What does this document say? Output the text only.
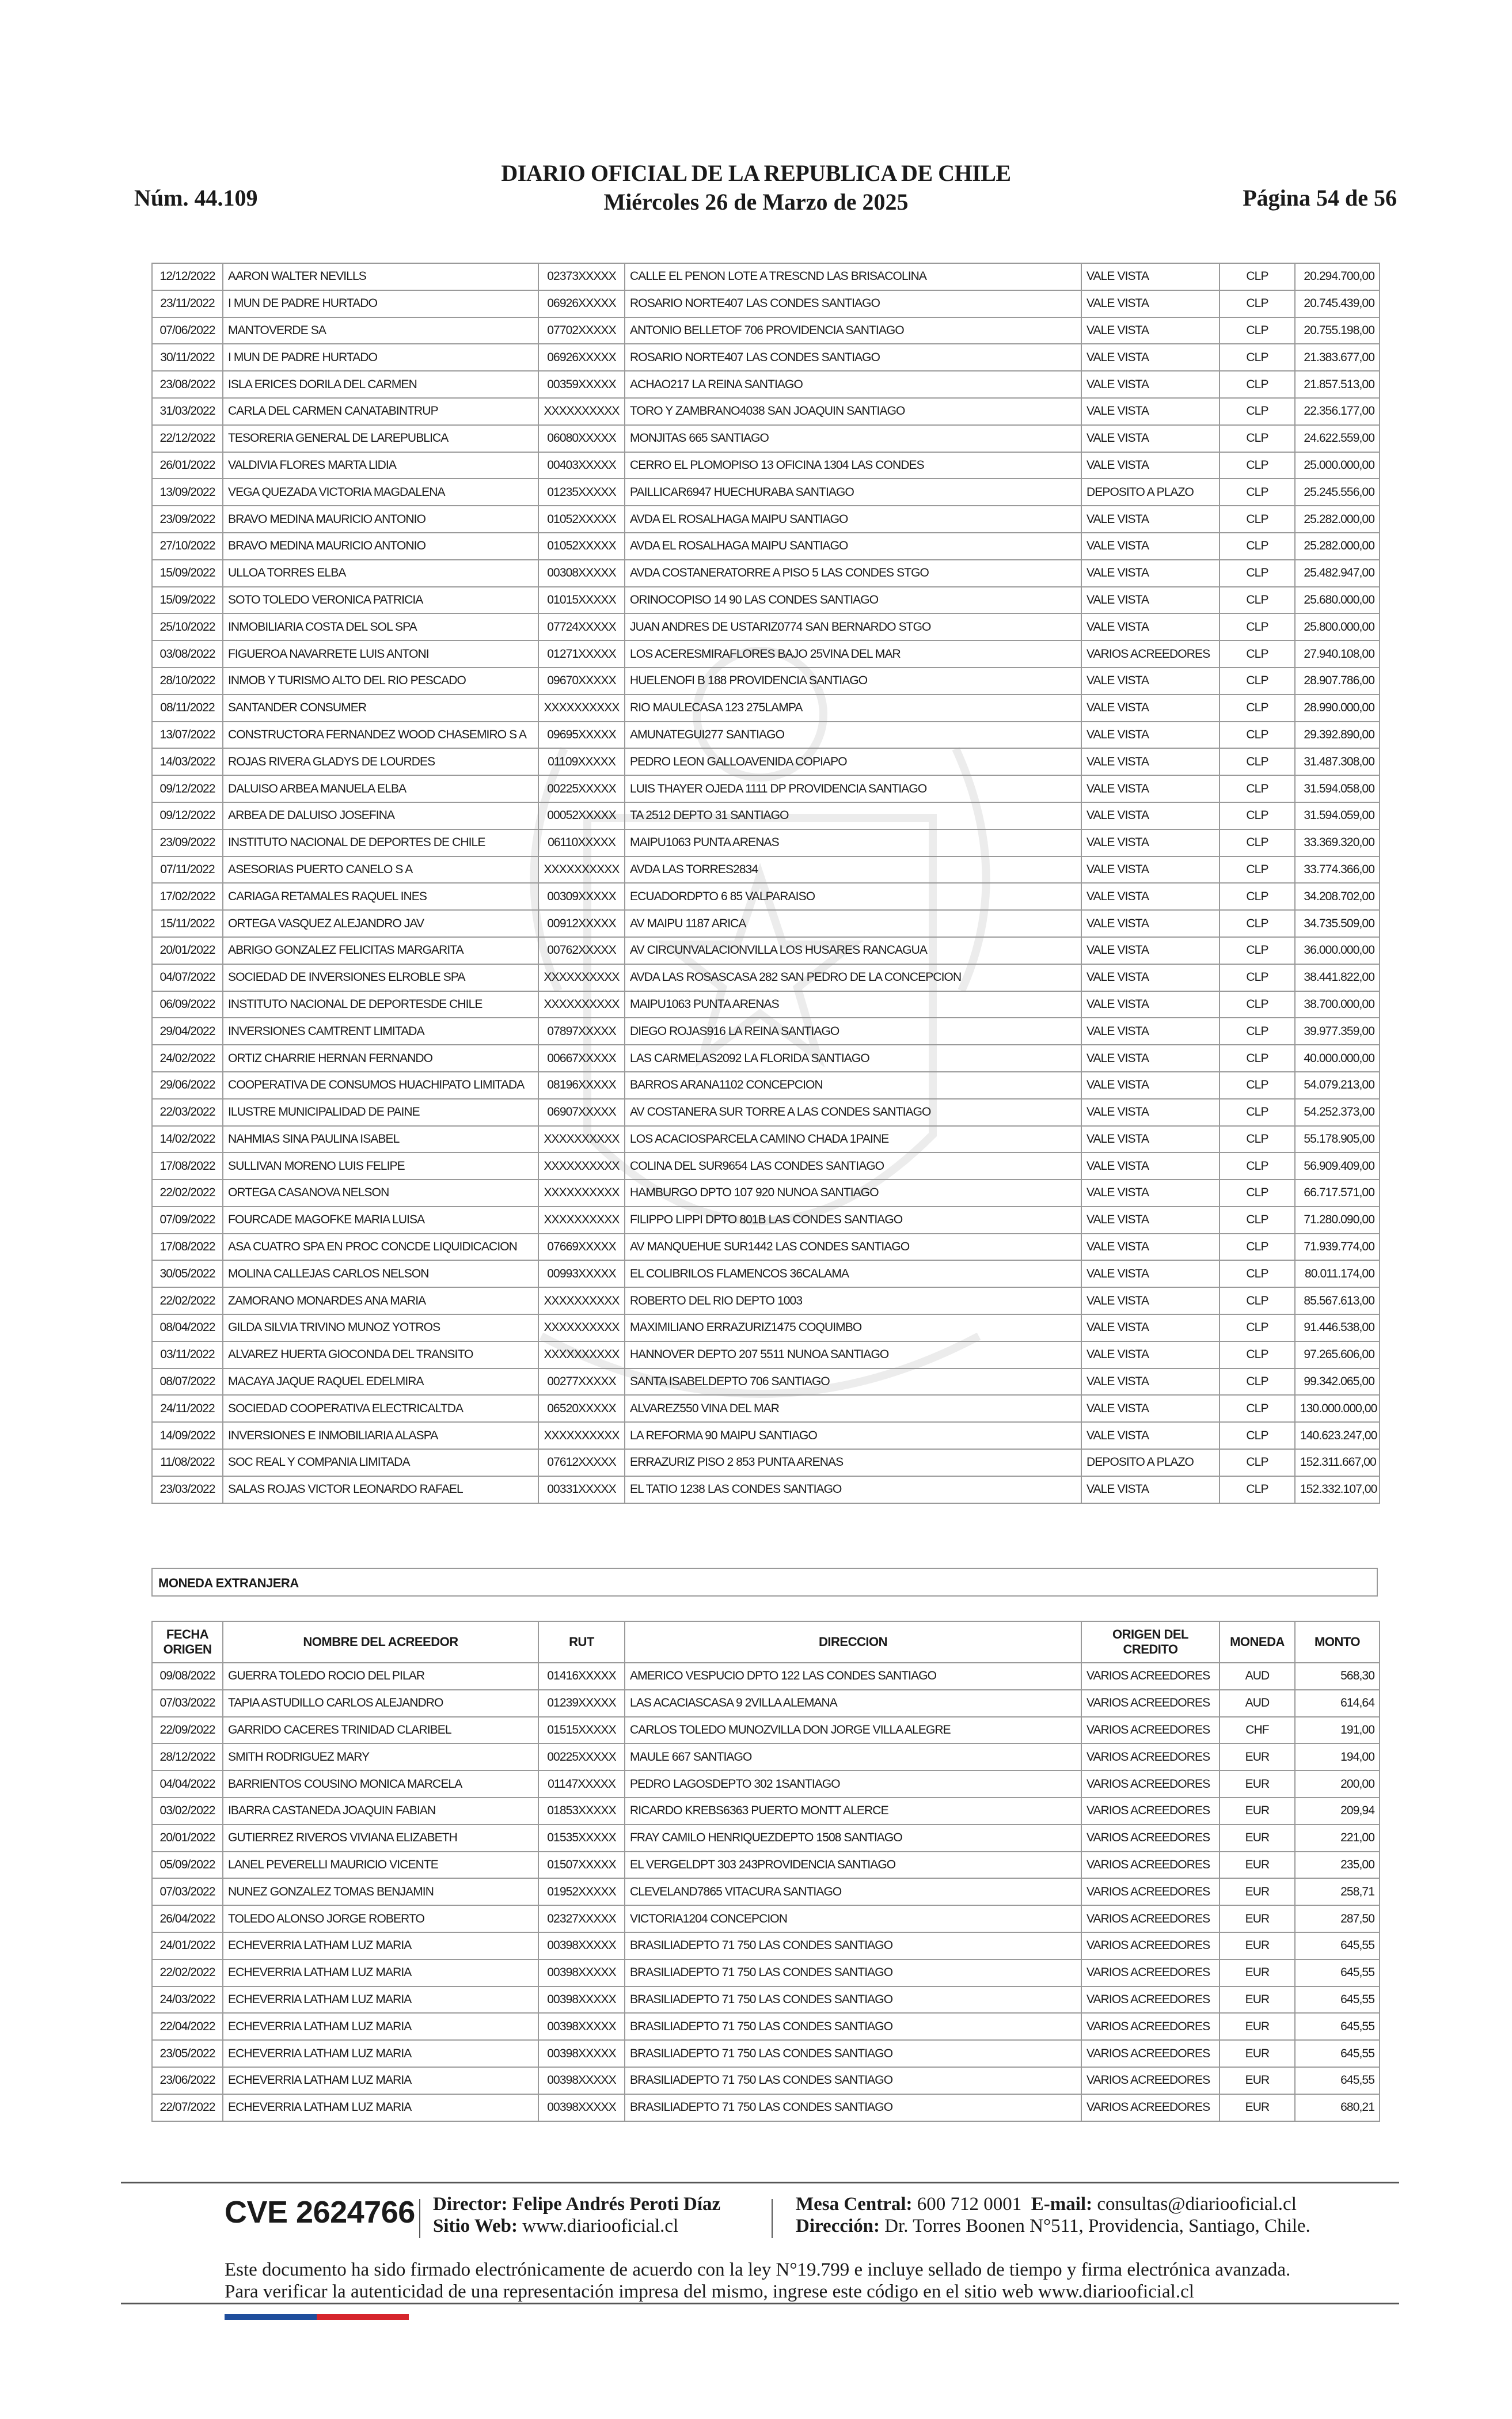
Núm. 44.109
DIARIO OFICIAL DE LA REPUBLICA DE CHILE
Miércoles 26 de Marzo de 2025	Página 54 de 56
12/12/2022	AARON WALTER NEVILLS	02373XXXXX	CALLE EL PENON LOTE A TRESCND LAS BRISACOLINA	VALE VISTA	CLP	20.294.700,00
23/11/2022	I MUN DE PADRE HURTADO	06926XXXXX	ROSARIO NORTE407 LAS CONDES SANTIAGO	VALE VISTA	CLP	20.745.439,00
07/06/2022	MANTOVERDE SA	07702XXXXX	ANTONIO BELLETOF 706 PROVIDENCIA SANTIAGO	VALE VISTA	CLP	20.755.198,00
30/11/2022	I MUN DE PADRE HURTADO	06926XXXXX	ROSARIO NORTE407 LAS CONDES SANTIAGO	VALE VISTA	CLP	21.383.677,00
23/08/2022	ISLA ERICES DORILA DEL CARMEN	00359XXXXX	ACHAO217 LA REINA SANTIAGO	VALE VISTA	CLP	21.857.513,00
31/03/2022	CARLA DEL CARMEN CANATABINTRUP	XXXXXXXXXX	TORO Y ZAMBRANO4038 SAN JOAQUIN SANTIAGO	VALE VISTA	CLP	22.356.177,00
22/12/2022	TESORERIA GENERAL DE LAREPUBLICA	06080XXXXX	MONJITAS 665 SANTIAGO	VALE VISTA	CLP	24.622.559,00
26/01/2022	VALDIVIA FLORES MARTA LIDIA	00403XXXXX	CERRO EL PLOMOPISO 13 OFICINA 1304 LAS CONDES	VALE VISTA	CLP	25.000.000,00
13/09/2022	VEGA QUEZADA VICTORIA MAGDALENA	01235XXXXX	PAILLICAR6947 HUECHURABA SANTIAGO	DEPOSITO A PLAZO	CLP	25.245.556,00
23/09/2022	BRAVO MEDINA MAURICIO ANTONIO	01052XXXXX	AVDA EL ROSALHAGA MAIPU SANTIAGO	VALE VISTA	CLP	25.282.000,00
27/10/2022	BRAVO MEDINA MAURICIO ANTONIO	01052XXXXX	AVDA EL ROSALHAGA MAIPU SANTIAGO	VALE VISTA	CLP	25.282.000,00
15/09/2022	ULLOA TORRES ELBA	00308XXXXX	AVDA COSTANERATORRE A PISO 5 LAS CONDES STGO	VALE VISTA	CLP	25.482.947,00
15/09/2022	SOTO TOLEDO VERONICA PATRICIA	01015XXXXX	ORINOCOPISO 14 90 LAS CONDES SANTIAGO	VALE VISTA	CLP	25.680.000,00
25/10/2022	INMOBILIARIA COSTA DEL SOL SPA	07724XXXXX	JUAN ANDRES DE USTARIZ0774 SAN BERNARDO STGO	VALE VISTA	CLP	25.800.000,00
03/08/2022	FIGUEROA NAVARRETE LUIS ANTONI	01271XXXXX	LOS ACERESMIRAFLORES BAJO 25VINA DEL MAR	VARIOS ACREEDORES	CLP	27.940.108,00
28/10/2022	INMOB Y TURISMO ALTO DEL RIO PESCADO	09670XXXXX	HUELENOFI B 188 PROVIDENCIA SANTIAGO	VALE VISTA	CLP	28.907.786,00
08/11/2022	SANTANDER CONSUMER	XXXXXXXXXX	RIO MAULECASA 123 275LAMPA	VALE VISTA	CLP	28.990.000,00
13/07/2022	CONSTRUCTORA FERNANDEZ WOOD CHASEMIRO S A	09695XXXXX	AMUNATEGUI277 SANTIAGO	VALE VISTA	CLP	29.392.890,00
14/03/2022	ROJAS RIVERA GLADYS DE LOURDES	01109XXXXX	PEDRO LEON GALLOAVENIDA COPIAPO	VALE VISTA	CLP	31.487.308,00
09/12/2022	DALUISO ARBEA MANUELA ELBA	00225XXXXX	LUIS THAYER OJEDA 1111 DP PROVIDENCIA SANTIAGO	VALE VISTA	CLP	31.594.058,00
09/12/2022	ARBEA DE DALUISO JOSEFINA	00052XXXXX	TA 2512 DEPTO 31 SANTIAGO	VALE VISTA	CLP	31.594.059,00
23/09/2022	INSTITUTO NACIONAL DE DEPORTES DE CHILE	06110XXXXX	MAIPU1063 PUNTA ARENAS	VALE VISTA	CLP	33.369.320,00
07/11/2022	ASESORIAS PUERTO CANELO S A	XXXXXXXXXX	AVDA LAS TORRES2834	VALE VISTA	CLP	33.774.366,00
17/02/2022	CARIAGA RETAMALES RAQUEL INES	00309XXXXX	ECUADORDPTO 6 85 VALPARAISO	VALE VISTA	CLP	34.208.702,00
15/11/2022	ORTEGA VASQUEZ ALEJANDRO JAV	00912XXXXX	AV MAIPU 1187 ARICA	VALE VISTA	CLP	34.735.509,00
20/01/2022	ABRIGO GONZALEZ FELICITAS MARGARITA	00762XXXXX	AV CIRCUNVALACIONVILLA LOS HUSARES RANCAGUA	VALE VISTA	CLP	36.000.000,00
04/07/2022	SOCIEDAD DE INVERSIONES ELROBLE SPA	XXXXXXXXXX	AVDA LAS ROSASCASA 282 SAN PEDRO DE LA CONCEPCION	VALE VISTA	CLP	38.441.822,00
06/09/2022	INSTITUTO NACIONAL DE DEPORTESDE CHILE	XXXXXXXXXX	MAIPU1063 PUNTA ARENAS	VALE VISTA	CLP	38.700.000,00
29/04/2022	INVERSIONES CAMTRENT LIMITADA	07897XXXXX	DIEGO ROJAS916 LA REINA SANTIAGO	VALE VISTA	CLP	39.977.359,00
24/02/2022	ORTIZ CHARRIE HERNAN FERNANDO	00667XXXXX	LAS CARMELAS2092 LA FLORIDA SANTIAGO	VALE VISTA	CLP	40.000.000,00
29/06/2022	COOPERATIVA DE CONSUMOS HUACHIPATO LIMITADA	08196XXXXX	BARROS ARANA1102 CONCEPCION	VALE VISTA	CLP	54.079.213,00
22/03/2022	ILUSTRE MUNICIPALIDAD DE PAINE	06907XXXXX	AV COSTANERA SUR TORRE A LAS CONDES SANTIAGO	VALE VISTA	CLP	54.252.373,00
14/02/2022	NAHMIAS SINA PAULINA ISABEL	XXXXXXXXXX	LOS ACACIOSPARCELA CAMINO CHADA 1PAINE	VALE VISTA	CLP	55.178.905,00
17/08/2022	SULLIVAN MORENO LUIS FELIPE	XXXXXXXXXX	COLINA DEL SUR9654 LAS CONDES SANTIAGO	VALE VISTA	CLP	56.909.409,00
22/02/2022	ORTEGA CASANOVA NELSON	XXXXXXXXXX	HAMBURGO DPTO 107 920 NUNOA SANTIAGO	VALE VISTA	CLP	66.717.571,00
07/09/2022	FOURCADE MAGOFKE MARIA LUISA	XXXXXXXXXX	FILIPPO LIPPI DPTO 801B LAS CONDES SANTIAGO	VALE VISTA	CLP	71.280.090,00
17/08/2022	ASA CUATRO SPA EN PROC CONCDE LIQUIDICACION	07669XXXXX	AV MANQUEHUE SUR1442 LAS CONDES SANTIAGO	VALE VISTA	CLP	71.939.774,00
30/05/2022	MOLINA CALLEJAS CARLOS NELSON	00993XXXXX	EL COLIBRILOS FLAMENCOS 36CALAMA	VALE VISTA	CLP	80.011.174,00
22/02/2022	ZAMORANO MONARDES ANA MARIA	XXXXXXXXXX	ROBERTO DEL RIO DEPTO 1003	VALE VISTA	CLP	85.567.613,00
08/04/2022	GILDA SILVIA TRIVINO MUNOZ YOTROS	XXXXXXXXXX	MAXIMILIANO ERRAZURIZ1475 COQUIMBO	VALE VISTA	CLP	91.446.538,00
03/11/2022	ALVAREZ HUERTA GIOCONDA DEL TRANSITO	XXXXXXXXXX	HANNOVER DEPTO 207 5511 NUNOA SANTIAGO	VALE VISTA	CLP	97.265.606,00
08/07/2022	MACAYA JAQUE RAQUEL EDELMIRA	00277XXXXX	SANTA ISABELDEPTO 706 SANTIAGO	VALE VISTA	CLP	99.342.065,00
24/11/2022	SOCIEDAD COOPERATIVA ELECTRICALTDA	06520XXXXX	ALVAREZ550 VINA DEL MAR	VALE VISTA	CLP	130.000.000,00
14/09/2022	INVERSIONES E INMOBILIARIA ALASPA	XXXXXXXXXX	LA REFORMA 90 MAIPU SANTIAGO	VALE VISTA	CLP	140.623.247,00
11/08/2022	SOC REAL Y COMPANIA LIMITADA	07612XXXXX	ERRAZURIZ PISO 2 853 PUNTA ARENAS	DEPOSITO A PLAZO	CLP	152.311.667,00
23/03/2022	SALAS ROJAS VICTOR LEONARDO RAFAEL	00331XXXXX	EL TATIO 1238 LAS CONDES SANTIAGO	VALE VISTA	CLP	152.332.107,00
MONEDA EXTRANJERA
FECHA ORIGEN	NOMBRE DEL ACREEDOR	RUT	DIRECCION	ORIGEN DEL CREDITO	MONEDA	MONTO
09/08/2022	GUERRA TOLEDO ROCIO DEL PILAR	01416XXXXX	AMERICO VESPUCIO DPTO 122 LAS CONDES SANTIAGO	VARIOS ACREEDORES	AUD	568,30
07/03/2022	TAPIA ASTUDILLO CARLOS ALEJANDRO	01239XXXXX	LAS ACACIASCASA 9 2VILLA ALEMANA	VARIOS ACREEDORES	AUD	614,64
22/09/2022	GARRIDO CACERES TRINIDAD CLARIBEL	01515XXXXX	CARLOS TOLEDO MUNOZVILLA DON JORGE VILLA ALEGRE	VARIOS ACREEDORES	CHF	191,00
28/12/2022	SMITH RODRIGUEZ MARY	00225XXXXX	MAULE 667 SANTIAGO	VARIOS ACREEDORES	EUR	194,00
04/04/2022	BARRIENTOS COUSINO MONICA MARCELA	01147XXXXX	PEDRO LAGOSDEPTO 302 1SANTIAGO	VARIOS ACREEDORES	EUR	200,00
03/02/2022	IBARRA CASTANEDA JOAQUIN FABIAN	01853XXXXX	RICARDO KREBS6363 PUERTO MONTT ALERCE	VARIOS ACREEDORES	EUR	209,94
20/01/2022	GUTIERREZ RIVEROS VIVIANA ELIZABETH	01535XXXXX	FRAY CAMILO HENRIQUEZDEPTO 1508 SANTIAGO	VARIOS ACREEDORES	EUR	221,00
05/09/2022	LANEL PEVERELLI MAURICIO VICENTE	01507XXXXX	EL VERGELDPT 303 243PROVIDENCIA SANTIAGO	VARIOS ACREEDORES	EUR	235,00
07/03/2022	NUNEZ GONZALEZ TOMAS BENJAMIN	01952XXXXX	CLEVELAND7865 VITACURA SANTIAGO	VARIOS ACREEDORES	EUR	258,71
26/04/2022	TOLEDO ALONSO JORGE ROBERTO	02327XXXXX	VICTORIA1204 CONCEPCION	VARIOS ACREEDORES	EUR	287,50
24/01/2022	ECHEVERRIA LATHAM LUZ MARIA	00398XXXXX	BRASILIADEPTO 71 750 LAS CONDES SANTIAGO	VARIOS ACREEDORES	EUR	645,55
22/02/2022	ECHEVERRIA LATHAM LUZ MARIA	00398XXXXX	BRASILIADEPTO 71 750 LAS CONDES SANTIAGO	VARIOS ACREEDORES	EUR	645,55
24/03/2022	ECHEVERRIA LATHAM LUZ MARIA	00398XXXXX	BRASILIADEPTO 71 750 LAS CONDES SANTIAGO	VARIOS ACREEDORES	EUR	645,55
22/04/2022	ECHEVERRIA LATHAM LUZ MARIA	00398XXXXX	BRASILIADEPTO 71 750 LAS CONDES SANTIAGO	VARIOS ACREEDORES	EUR	645,55
23/05/2022	ECHEVERRIA LATHAM LUZ MARIA	00398XXXXX	BRASILIADEPTO 71 750 LAS CONDES SANTIAGO	VARIOS ACREEDORES	EUR	645,55
23/06/2022	ECHEVERRIA LATHAM LUZ MARIA	00398XXXXX	BRASILIADEPTO 71 750 LAS CONDES SANTIAGO	VARIOS ACREEDORES	EUR	645,55
22/07/2022	ECHEVERRIA LATHAM LUZ MARIA	00398XXXXX	BRASILIADEPTO 71 750 LAS CONDES SANTIAGO	VARIOS ACREEDORES	EUR	680,21
CVE 2624766 Director: Felipe Andrés Peroti Díaz
Sitio Web: www.diariooficial.cl
Mesa Central: 600 712 0001 E-mail: consultas@diariooficial.cl
Dirección: Dr. Torres Boonen N°511, Providencia, Santiago, Chile.
Este documento ha sido firmado electrónicamente de acuerdo con la ley N°19.799 e incluye sellado de tiempo y firma electrónica avanzada. Para verificar la autenticidad de una representación impresa del mismo, ingrese este código en el sitio web www.diariooficial.cl
